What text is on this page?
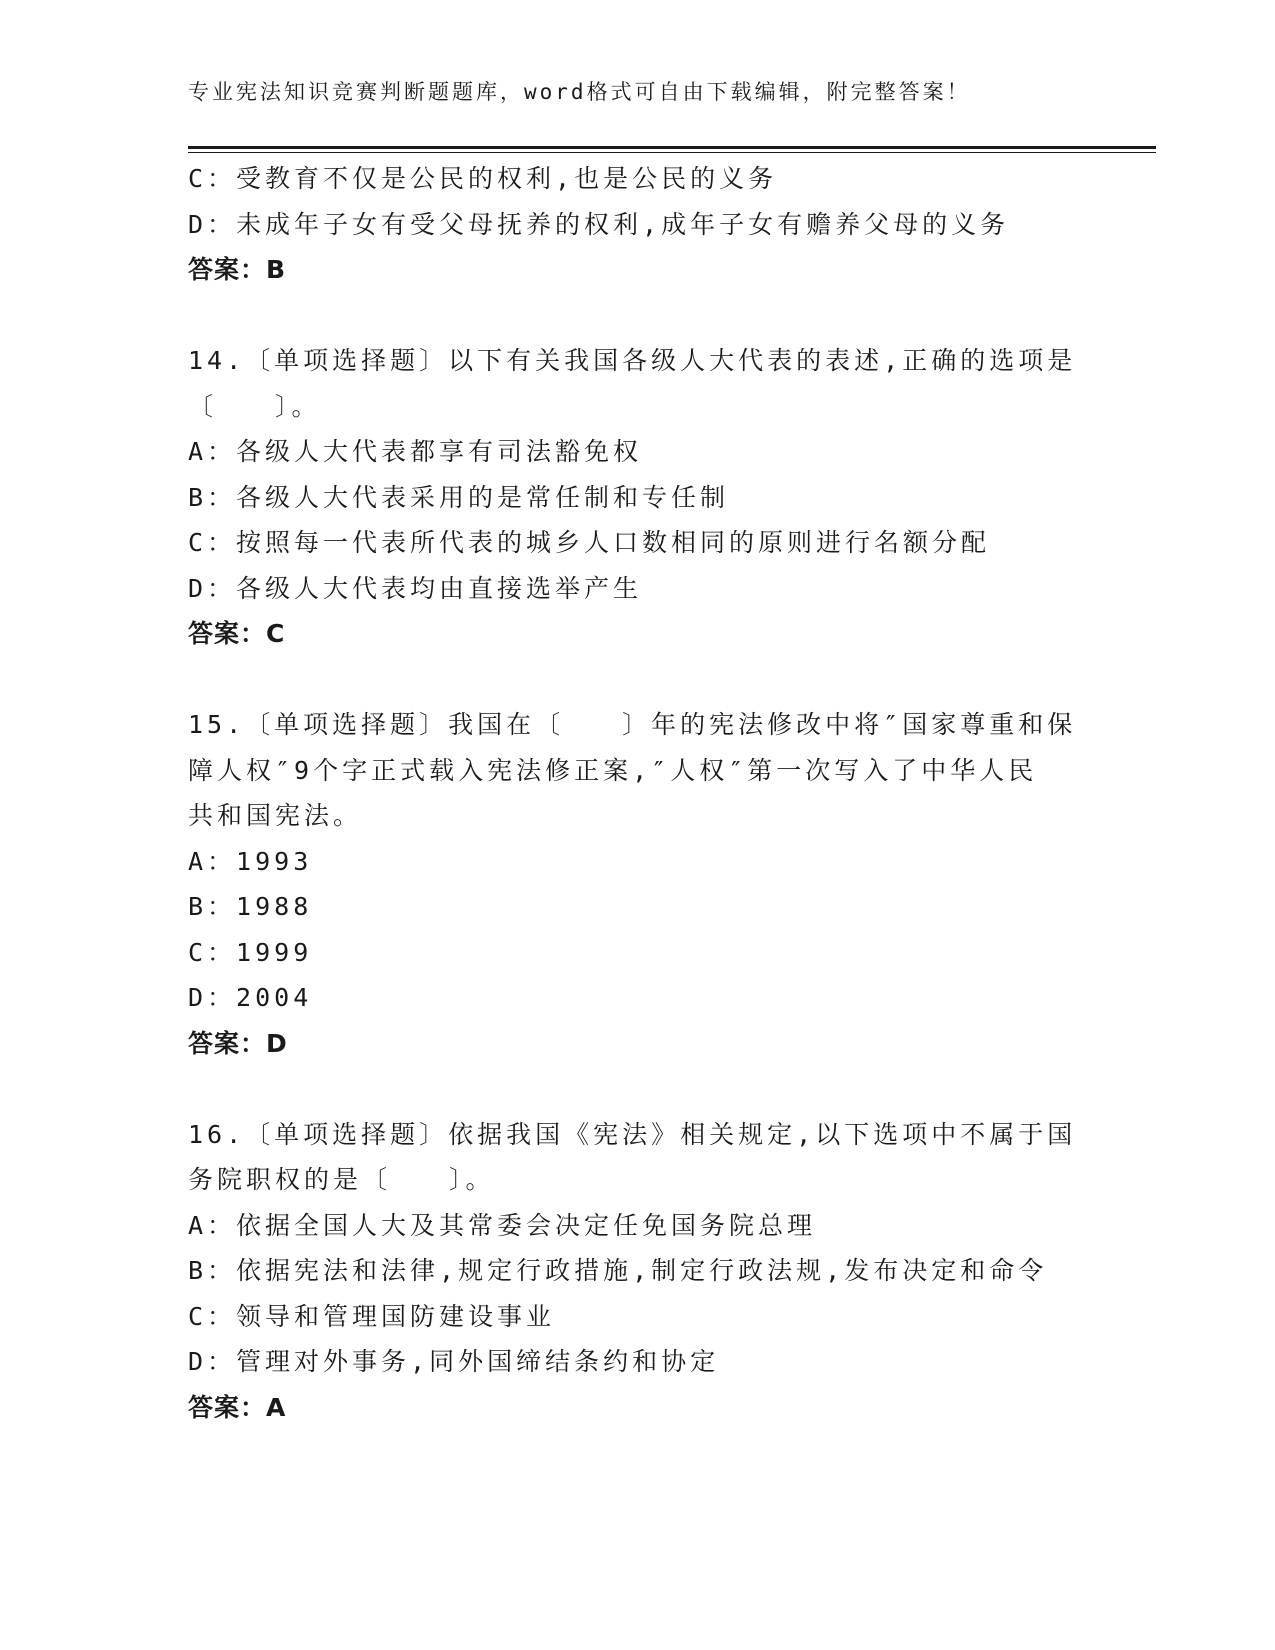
专业宪法知识竞赛判断题题库，word格式可自由下载编辑，附完整答案！
C：受教育不仅是公民的权利,也是公民的义务
D：未成年子女有受父母抚养的权利,成年子女有赡养父母的义务
答案：B
14.〔单项选择题〕以下有关我国各级人大代表的表述,正确的选项是
〔　　〕。
A：各级人大代表都享有司法豁免权
B：各级人大代表采用的是常任制和专任制
C：按照每一代表所代表的城乡人口数相同的原则进行名额分配
D：各级人大代表均由直接选举产生
答案：C
15.〔单项选择题〕我国在〔　　〕年的宪法修改中将″国家尊重和保
障人权″9个字正式载入宪法修正案,″人权″第一次写入了中华人民
共和国宪法。
A：1993
B：1988
C：1999
D：2004
答案：D
16.〔单项选择题〕依据我国《宪法》相关规定,以下选项中不属于国
务院职权的是〔　　〕。
A：依据全国人大及其常委会决定任免国务院总理
B：依据宪法和法律,规定行政措施,制定行政法规,发布决定和命令
C：领导和管理国防建设事业
D：管理对外事务,同外国缔结条约和协定
答案：A
